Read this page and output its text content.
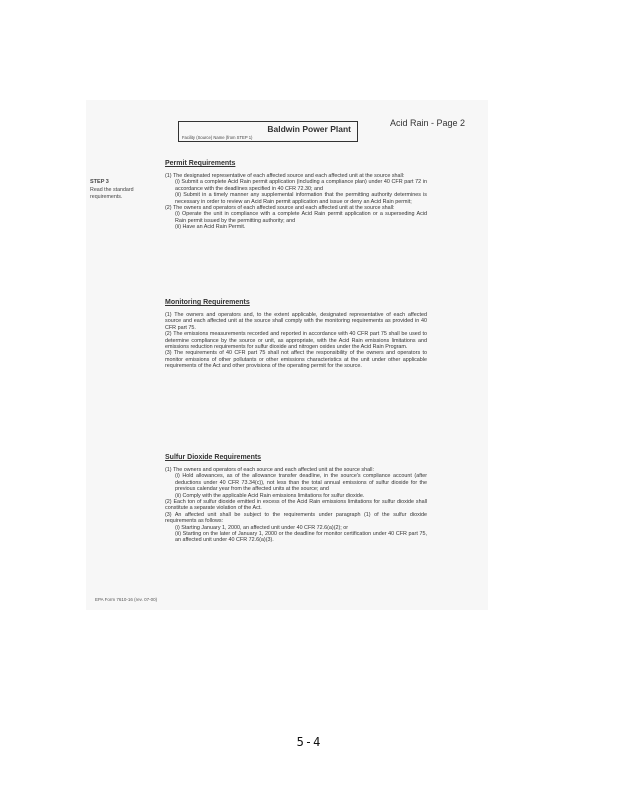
Baldwin Power Plant
Facility (Source) Name (from STEP 1)
Acid Rain - Page 2
STEP 3
Read the standard requirements.
Permit Requirements
(1) The designated representative of each affected source and each affected unit at the source shall:
(i) Submit a complete Acid Rain permit application (including a compliance plan) under 40 CFR part 72 in accordance with the deadlines specified in 40 CFR 72.30; and
(ii) Submit in a timely manner any supplemental information that the permitting authority determines is necessary in order to review an Acid Rain permit application and issue or deny an Acid Rain permit;
(2) The owners and operators of each affected source and each affected unit at the source shall:
(i) Operate the unit in compliance with a complete Acid Rain permit application or a superseding Acid Rain permit issued by the permitting authority; and
(ii) Have an Acid Rain Permit.
Monitoring Requirements
(1) The owners and operators and, to the extent applicable, designated representative of each affected source and each affected unit at the source shall comply with the monitoring requirements as provided in 40 CFR part 75.
(2) The emissions measurements recorded and reported in accordance with 40 CFR part 75 shall be used to determine compliance by the source or unit, as appropriate, with the Acid Rain emissions limitations and emissions reduction requirements for sulfur dioxide and nitrogen oxides under the Acid Rain Program.
(3) The requirements of 40 CFR part 75 shall not affect the responsibility of the owners and operators to monitor emissions of other pollutants or other emissions characteristics at the unit under other applicable requirements of the Act and other provisions of the operating permit for the source.
Sulfur Dioxide Requirements
(1) The owners and operators of each source and each affected unit at the source shall:
(i) Hold allowances, as of the allowance transfer deadline, in the source's compliance account (after deductions under 40 CFR 73.34(c)), not less than the total annual emissions of sulfur dioxide for the previous calendar year from the affected units at the source; and
(ii) Comply with the applicable Acid Rain emissions limitations for sulfur dioxide.
(2) Each ton of sulfur dioxide emitted in excess of the Acid Rain emissions limitations for sulfur dioxide shall constitute a separate violation of the Act.
(3) An affected unit shall be subject to the requirements under paragraph (1) of the sulfur dioxide requirements as follows:
(i) Starting January 1, 2000, an affected unit under 40 CFR 72.6(a)(2); or
(ii) Starting on the later of January 1, 2000 or the deadline for monitor certification under 40 CFR part 75, an affected unit under 40 CFR 72.6(a)(3).
EPA Form 7610-16 (rev. 07-00)
5-4
